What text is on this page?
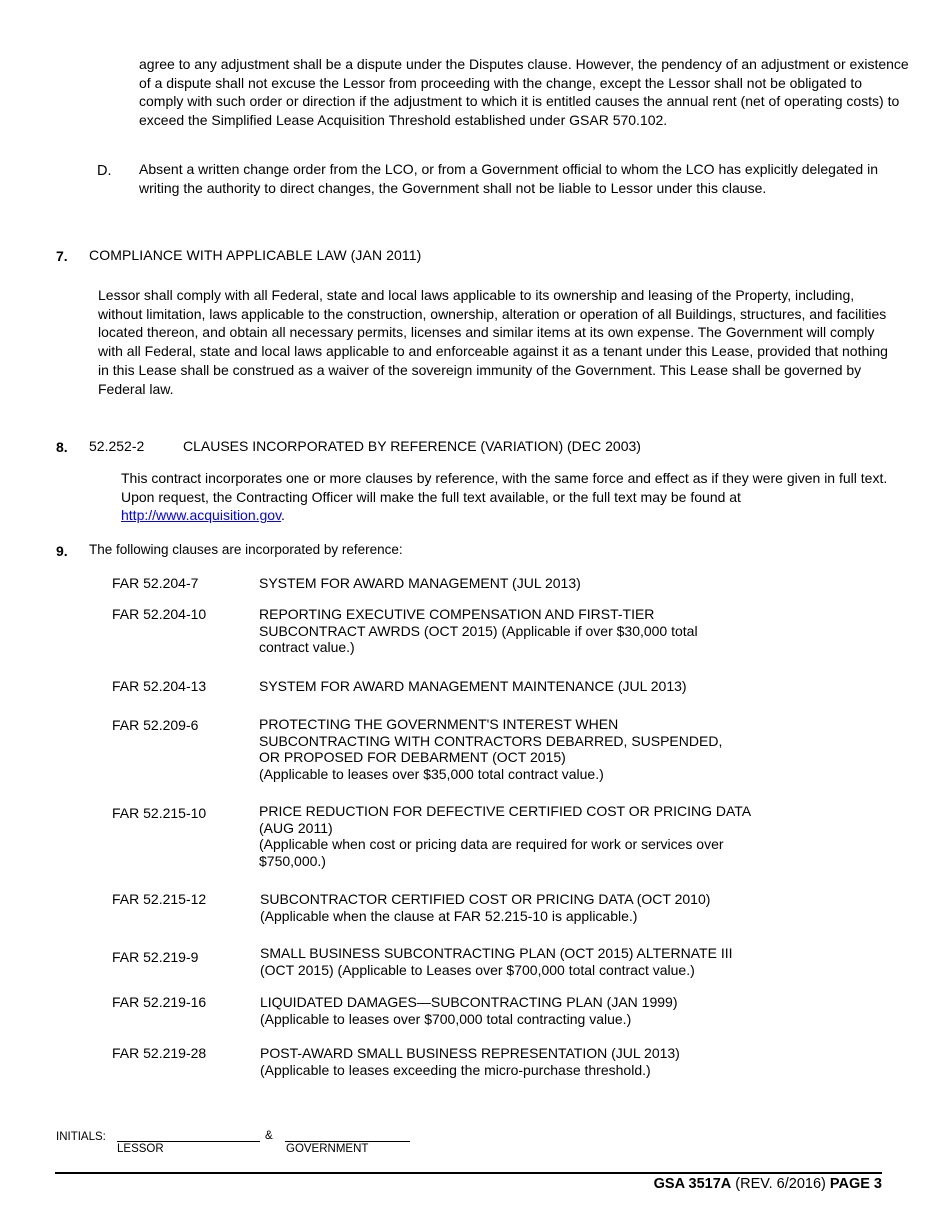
agree to any adjustment shall be a dispute under the Disputes clause. However, the pendency of an adjustment or existence of a dispute shall not excuse the Lessor from proceeding with the change, except the Lessor shall not be obligated to comply with such order or direction if the adjustment to which it is entitled causes the annual rent (net of operating costs) to exceed the Simplified Lease Acquisition Threshold established under GSAR 570.102.

D. Absent a written change order from the LCO, or from a Government official to whom the LCO has explicitly delegated in writing the authority to direct changes, the Government shall not be liable to Lessor under this clause.

7. COMPLIANCE WITH APPLICABLE LAW (JAN 2011)

Lessor shall comply with all Federal, state and local laws applicable to its ownership and leasing of the Property, including, without limitation, laws applicable to the construction, ownership, alteration or operation of all Buildings, structures, and facilities located thereon, and obtain all necessary permits, licenses and similar items at its own expense. The Government will comply with all Federal, state and local laws applicable to and enforceable against it as a tenant under this Lease, provided that nothing in this Lease shall be construed as a waiver of the sovereign immunity of the Government. This Lease shall be governed by Federal law.

8. 52.252-2	CLAUSES INCORPORATED BY REFERENCE (VARIATION) (DEC 2003)

This contract incorporates one or more clauses by reference, with the same force and effect as if they were given in full text. Upon request, the Contracting Officer will make the full text available, or the full text may be found at http://www.acquisition.gov.

9. The following clauses are incorporated by reference:
FAR 52.204-7	SYSTEM FOR AWARD MANAGEMENT (JUL 2013)
FAR 52.204-10	REPORTING EXECUTIVE COMPENSATION AND FIRST-TIER
SUBCONTRACT AWRDS (OCT 2015) (Applicable if over $30,000 total
contract value.)
FAR 52.204-13	SYSTEM FOR AWARD MANAGEMENT MAINTENANCE (JUL 2013)
FAR 52.209-6	PROTECTING THE GOVERNMENT'S INTEREST WHEN
SUBCONTRACTING WITH CONTRACTORS DEBARRED, SUSPENDED,
OR PROPOSED FOR DEBARMENT (OCT 2015)
(Applicable to leases over $35,000 total contract value.)
FAR 52.215-10	PRICE REDUCTION FOR DEFECTIVE CERTIFIED COST OR PRICING DATA
(AUG 2011)
(Applicable when cost or pricing data are required for work or services over
$750,000.)
FAR 52.215-12	SUBCONTRACTOR CERTIFIED COST OR PRICING DATA (OCT 2010)
(Applicable when the clause at FAR 52.215-10 is applicable.)
FAR 52.219-9	SMALL BUSINESS SUBCONTRACTING PLAN (OCT 2015) ALTERNATE III
(OCT 2015) (Applicable to Leases over $700,000 total contract value.)
FAR 52.219-16	LIQUIDATED DAMAGES—SUBCONTRACTING PLAN (JAN 1999)
(Applicable to leases over $700,000 total contracting value.)
FAR 52.219-28	POST-AWARD SMALL BUSINESS REPRESENTATION (JUL 2013)
(Applicable to leases exceeding the micro-purchase threshold.)
INITIALS:	&
LESSOR	GOVERNMENT
GSA 3517A (REV. 6/2016) PAGE 3
